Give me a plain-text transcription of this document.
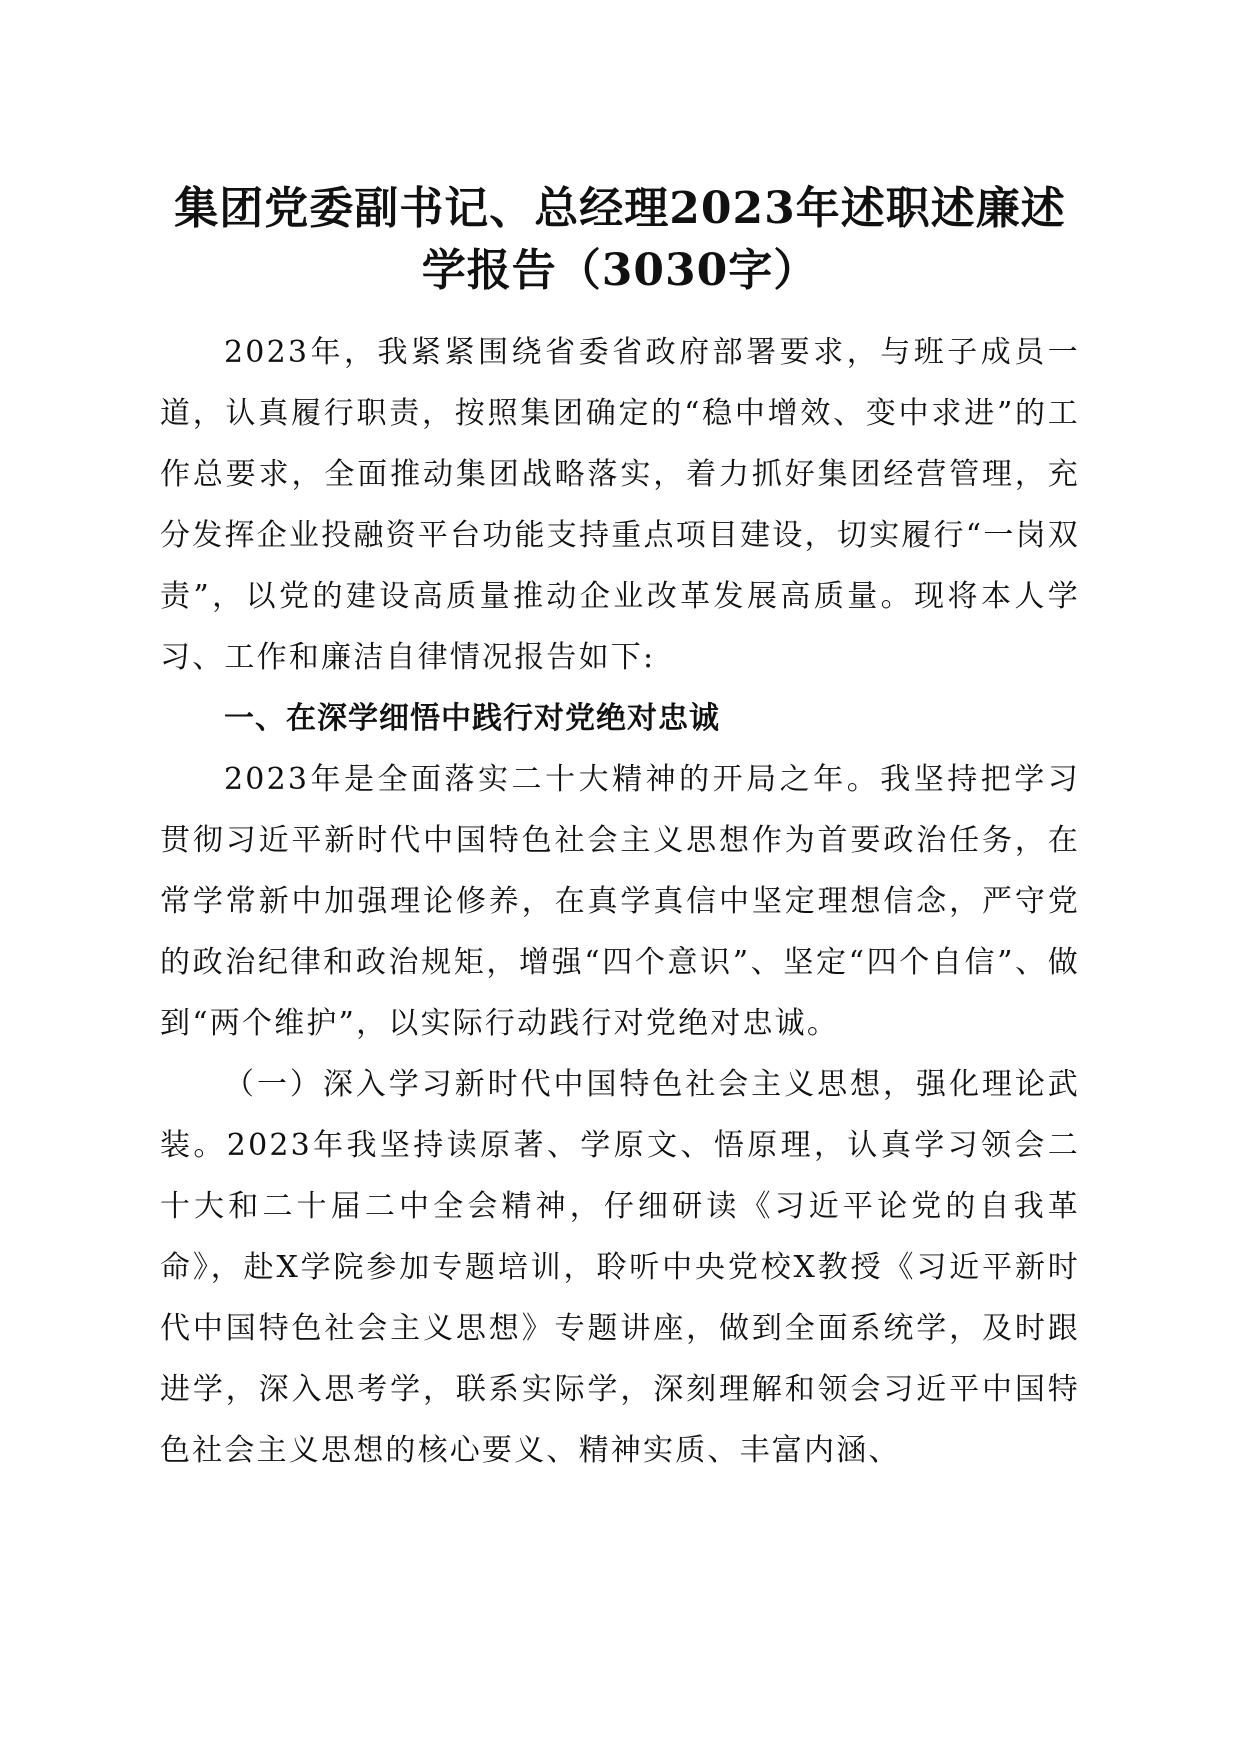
集团党委副书记、总经理2023年述职述廉述
学报告（3030字）

2023年，我紧紧围绕省委省政府部署要求，与班子成员一道，认真履行职责，按照集团确定的“稳中增效、变中求进”的工作总要求，全面推动集团战略落实，着力抓好集团经营管理，充分发挥企业投融资平台功能支持重点项目建设，切实履行“一岗双责”，以党的建设高质量推动企业改革发展高质量。现将本人学习、工作和廉洁自律情况报告如下:

一、在深学细悟中践行对党绝对忠诚

2023年是全面落实二十大精神的开局之年。我坚持把学习贯彻习近平新时代中国特色社会主义思想作为首要政治任务，在常学常新中加强理论修养，在真学真信中坚定理想信念，严守党的政治纪律和政治规矩，增强“四个意识”、坚定“四个自信”、做到“两个维护”，以实际行动践行对党绝对忠诚。

（一）深入学习新时代中国特色社会主义思想，强化理论武装。2023年我坚持读原著、学原文、悟原理，认真学习领会二十大和二十届二中全会精神，仔细研读《习近平论党的自我革命》，赴X学院参加专题培训，聆听中央党校X教授《习近平新时代中国特色社会主义思想》专题讲座，做到全面系统学，及时跟进学，深入思考学，联系实际学，深刻理解和领会习近平中国特色社会主义思想的核心要义、精神实质、丰富内涵、
